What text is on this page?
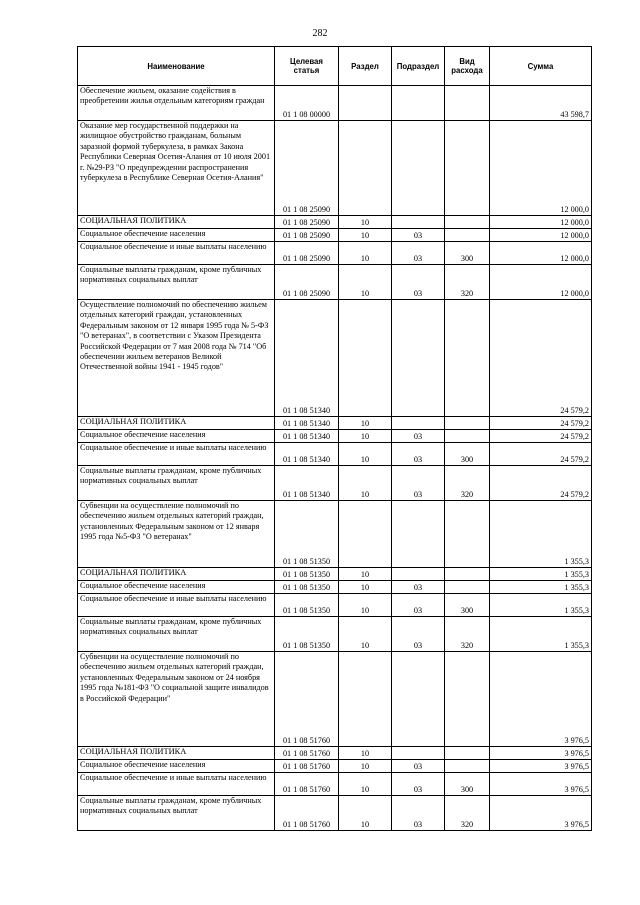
282
Наименование	Целевая статья	Раздел	Подраздел	Вид расхода	Сумма
Обеспечение жильем, оказание содействия в преобретении жилья отдельным категориям граждан	01 1 08 00000				43 598,7
Оказание мер государственной поддержки на жилищное обустройство гражданам, больным заразной формой туберкулеза, в рамках Закона Республики Северная Осетия-Алания от 10 июля 2001 г. №29-РЗ "О предупреждении распространения туберкулеза в Республике Северная Осетия-Алания"	01 1 08 25090				12 000,0
СОЦИАЛЬНАЯ ПОЛИТИКА	01 1 08 25090	10			12 000,0
Социальное обеспечение населения	01 1 08 25090	10	03		12 000,0
Социальное обеспечение и иные выплаты населению	01 1 08 25090	10	03	300	12 000,0
Социальные выплаты гражданам, кроме публичных нормативных социальных выплат	01 1 08 25090	10	03	320	12 000,0
Осуществление полномочий по обеспечению жильем отдельных категорий граждан, установленных Федеральным законом от 12 января 1995 года № 5-ФЗ "О ветеранах", в соответствии с Указом Президента Российской Федерации от 7 мая 2008 года № 714 "Об обеспечении жильем ветеранов Великой Отечественной войны 1941 - 1945 годов"	01 1 08 51340				24 579,2
СОЦИАЛЬНАЯ ПОЛИТИКА	01 1 08 51340	10			24 579,2
Социальное обеспечение населения	01 1 08 51340	10	03		24 579,2
Социальное обеспечение и иные выплаты населению	01 1 08 51340	10	03	300	24 579,2
Социальные выплаты гражданам, кроме публичных нормативных социальных выплат	01 1 08 51340	10	03	320	24 579,2
Субвенции на осуществление полномочий по обеспечению жильем отдельных категорий граждан, установленных Федеральным законом от 12 января 1995 года №5-ФЗ "О ветеранах"	01 1 08 51350				1 355,3
СОЦИАЛЬНАЯ ПОЛИТИКА	01 1 08 51350	10			1 355,3
Социальное обеспечение населения	01 1 08 51350	10	03		1 355,3
Социальное обеспечение и иные выплаты населению	01 1 08 51350	10	03	300	1 355,3
Социальные выплаты гражданам, кроме публичных нормативных социальных выплат	01 1 08 51350	10	03	320	1 355,3
Субвенции на осуществление полномочий по обеспечению жильем отдельных категорий граждан, установленных Федеральным законом от 24 ноября 1995 года №181-ФЗ "О социальной защите инвалидов в Российской Федерации"	01 1 08 51760				3 976,5
СОЦИАЛЬНАЯ ПОЛИТИКА	01 1 08 51760	10			3 976,5
Социальное обеспечение населения	01 1 08 51760	10	03		3 976,5
Социальное обеспечение и иные выплаты населению	01 1 08 51760	10	03	300	3 976,5
Социальные выплаты гражданам, кроме публичных нормативных социальных выплат	01 1 08 51760	10	03	320	3 976,5
